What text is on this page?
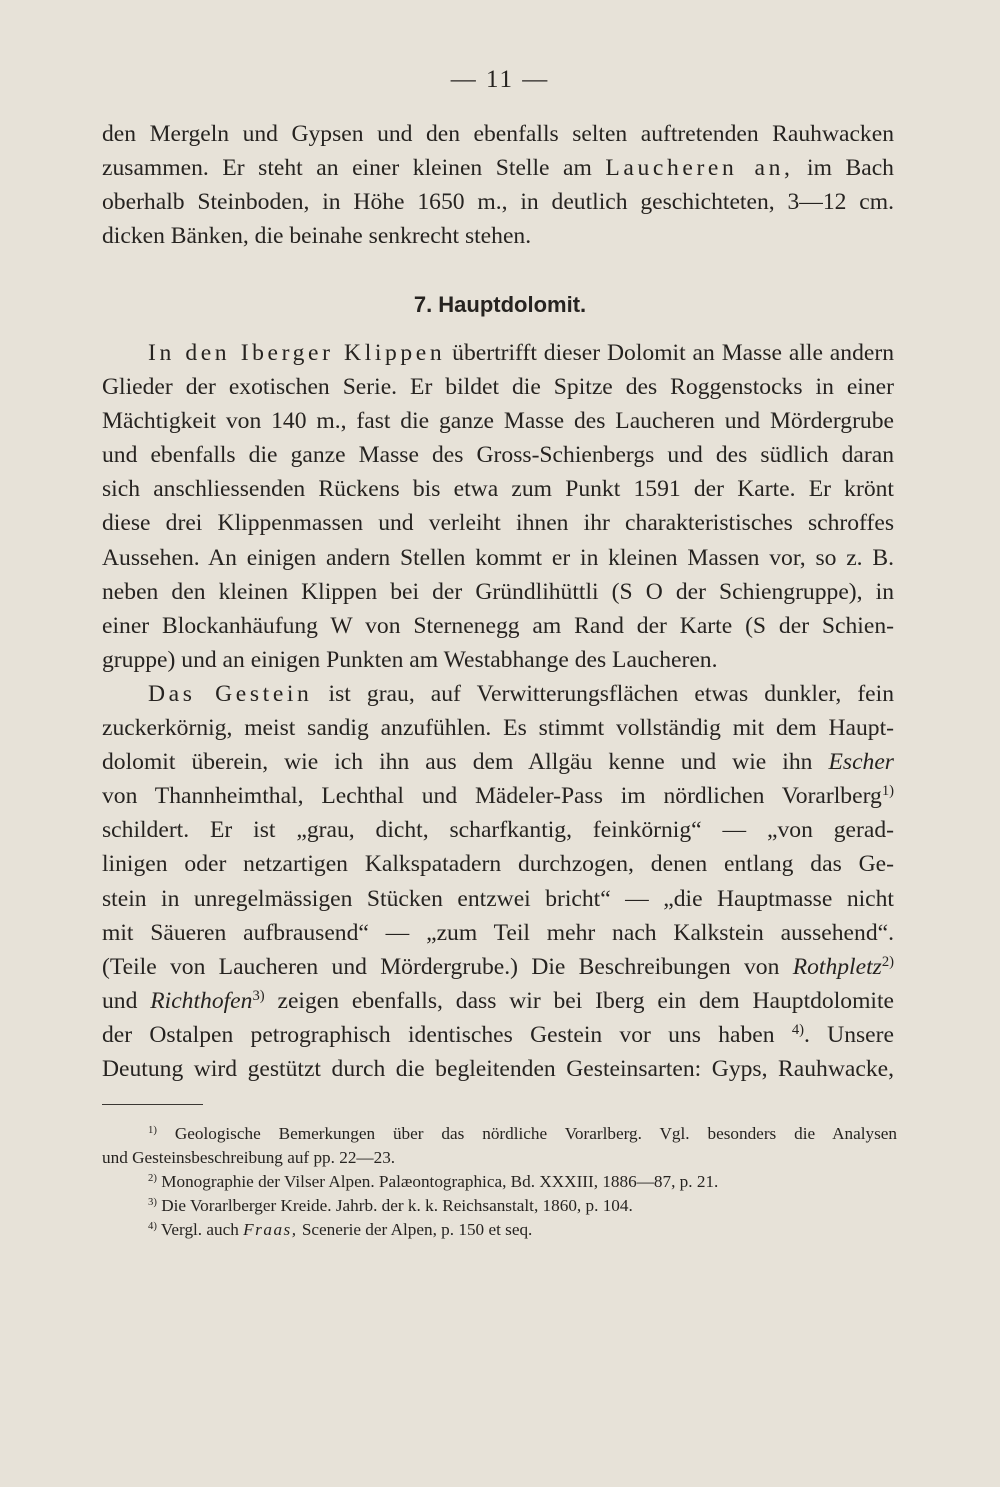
— 11 —
den Mergeln und Gypsen und den ebenfalls selten auftretenden Rauhwacken
zusammen. Er steht an einer kleinen Stelle am Laucheren an, im Bach
oberhalb Steinboden, in Höhe 1650 m., in deutlich geschichteten, 3—12 cm.
dicken Bänken, die beinahe senkrecht stehen.
7. Hauptdolomit.
In den Iberger Klippen übertrifft dieser Dolomit an Masse alle andern
Glieder der exotischen Serie. Er bildet die Spitze des Roggenstocks in einer
Mächtigkeit von 140 m., fast die ganze Masse des Laucheren und Mördergrube
und ebenfalls die ganze Masse des Gross-Schienbergs und des südlich daran
sich anschliessenden Rückens bis etwa zum Punkt 1591 der Karte. Er krönt
diese drei Klippenmassen und verleiht ihnen ihr charakteristisches schroffes
Aussehen. An einigen andern Stellen kommt er in kleinen Massen vor, so z. B.
neben den kleinen Klippen bei der Gründlihüttli (S O der Schiengruppe), in
einer Blockanhäufung W von Sternenegg am Rand der Karte (S der Schien-
gruppe) und an einigen Punkten am Westabhange des Laucheren.
Das Gestein ist grau, auf Verwitterungsflächen etwas dunkler, fein
zuckerkörnig, meist sandig anzufühlen. Es stimmt vollständig mit dem Haupt-
dolomit überein, wie ich ihn aus dem Allgäu kenne und wie ihn Escher
von Thannheimthal, Lechthal und Mädeler-Pass im nördlichen Vorarlberg$^{1)}$
schildert. Er ist „grau, dicht, scharfkantig, feinkörnig“ — „von gerad-
linigen oder netzartigen Kalkspatadern durchzogen, denen entlang das Ge-
stein in unregelmässigen Stücken entzwei bricht“ — „die Hauptmasse nicht
mit Säueren aufbrausend“ — „zum Teil mehr nach Kalkstein aussehend“.
(Teile von Laucheren und Mördergrube.) Die Beschreibungen von Rothpletz$^{2)}$
und Richthofen$^{3)}$ zeigen ebenfalls, dass wir bei Iberg ein dem Hauptdolomite
der Ostalpen petrographisch identisches Gestein vor uns haben $^{4)}$. Unsere
Deutung wird gestützt durch die begleitenden Gesteinsarten: Gyps, Rauhwacke,
$^{1)}$ Geologische Bemerkungen über das nördliche Vorarlberg. Vgl. besonders die Analysen
und Gesteinsbeschreibung auf pp. 22—23.
$^{2)}$ Monographie der Vilser Alpen. Palæontographica, Bd. XXXIII, 1886—87, p. 21.
$^{3)}$ Die Vorarlberger Kreide. Jahrb. der k. k. Reichsanstalt, 1860, p. 104.
$^{4)}$ Vergl. auch Fraas, Scenerie der Alpen, p. 150 et seq.
